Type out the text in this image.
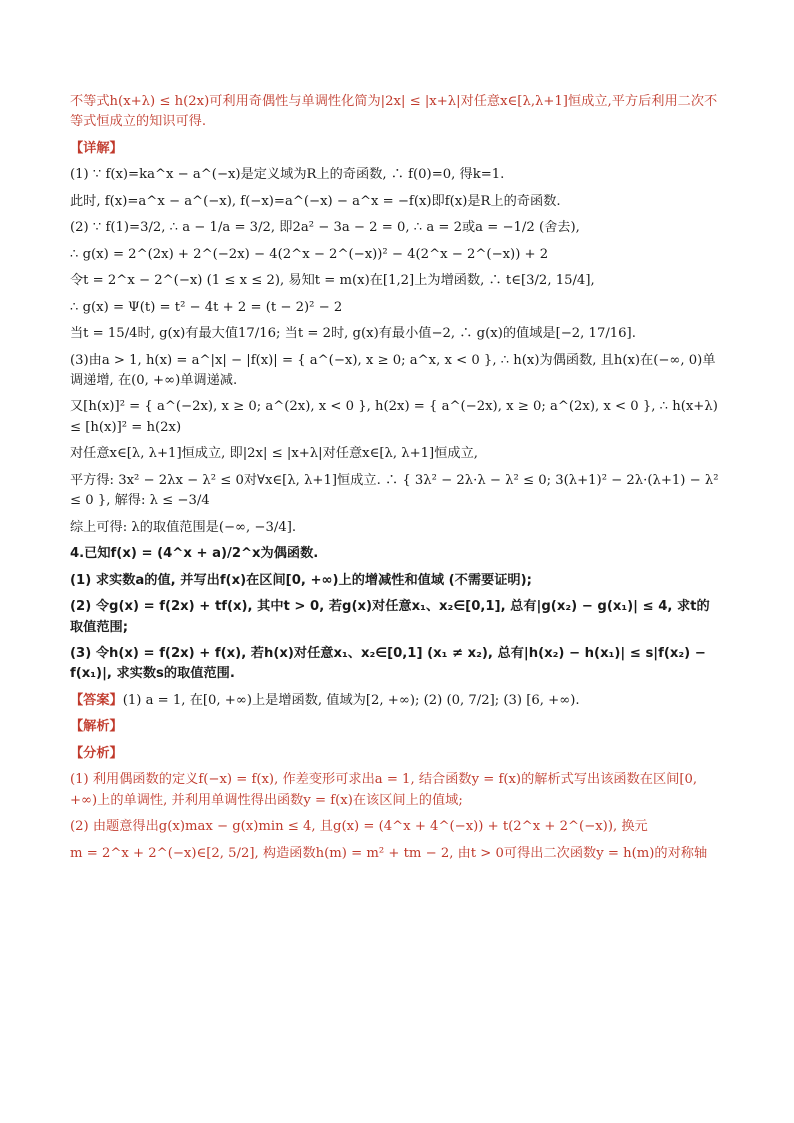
不等式h(x+λ) ≤ h(2x)可利用奇偶性与单调性化简为|2x| ≤ |x+λ|对任意x∈[λ,λ+1]恒成立,平方后利用二次不等式恒成立的知识可得.

【详解】

(1) ∵ f(x)=ka^x − a^(−x)是定义域为R上的奇函数, ∴ f(0)=0, 得k=1.

此时, f(x)=a^x − a^(−x), f(−x)=a^(−x) − a^x = −f(x)即f(x)是R上的奇函数.

(2) ∵ f(1)=3/2, ∴ a − 1/a = 3/2, 即2a² − 3a − 2 = 0, ∴ a = 2或a = −1/2 (舍去),

∴ g(x) = 2^(2x) + 2^(−2x) − 4(2^x − 2^(−x))² − 4(2^x − 2^(−x)) + 2

令t = 2^x − 2^(−x) (1 ≤ x ≤ 2), 易知t = m(x)在[1,2]上为增函数, ∴ t∈[3/2, 15/4],

∴ g(x) = Ψ(t) = t² − 4t + 2 = (t − 2)² − 2

当t = 15/4时, g(x)有最大值17/16; 当t = 2时, g(x)有最小值−2, ∴ g(x)的值域是[−2, 17/16].

(3)由a > 1, h(x) = a^|x| − |f(x)| = { a^(−x), x ≥ 0; a^x, x < 0 }, ∴ h(x)为偶函数, 且h(x)在(−∞, 0)单调递增, 在(0, +∞)单调递减.

又[h(x)]² = { a^(−2x), x ≥ 0; a^(2x), x < 0 }, h(2x) = { a^(−2x), x ≥ 0; a^(2x), x < 0 }, ∴ h(x+λ) ≤ [h(x)]² = h(2x)

对任意x∈[λ, λ+1]恒成立, 即|2x| ≤ |x+λ|对任意x∈[λ, λ+1]恒成立,

平方得: 3x² − 2λx − λ² ≤ 0对∀x∈[λ, λ+1]恒成立. ∴ { 3λ² − 2λ·λ − λ² ≤ 0; 3(λ+1)² − 2λ·(λ+1) − λ² ≤ 0 }, 解得: λ ≤ −3/4

综上可得: λ的取值范围是(−∞, −3/4].

4.已知f(x) = (4^x + a)/2^x为偶函数.

(1) 求实数a的值, 并写出f(x)在区间[0, +∞)上的增减性和值域 (不需要证明);

(2) 令g(x) = f(2x) + tf(x), 其中t > 0, 若g(x)对任意x₁、x₂∈[0,1], 总有|g(x₂) − g(x₁)| ≤ 4, 求t的取值范围;

(3) 令h(x) = f(2x) + f(x), 若h(x)对任意x₁、x₂∈[0,1] (x₁ ≠ x₂), 总有|h(x₂) − h(x₁)| ≤ s|f(x₂) − f(x₁)|, 求实数s的取值范围.

【答案】(1) a = 1, 在[0, +∞)上是增函数, 值域为[2, +∞); (2) (0, 7/2]; (3) [6, +∞).

【解析】

【分析】

(1) 利用偶函数的定义f(−x) = f(x), 作差变形可求出a = 1, 结合函数y = f(x)的解析式写出该函数在区间[0, +∞)上的单调性, 并利用单调性得出函数y = f(x)在该区间上的值域;

(2) 由题意得出g(x)max − g(x)min ≤ 4, 且g(x) = (4^x + 4^(−x)) + t(2^x + 2^(−x)), 换元

m = 2^x + 2^(−x)∈[2, 5/2], 构造函数h(m) = m² + tm − 2, 由t > 0可得出二次函数y = h(m)的对称轴
